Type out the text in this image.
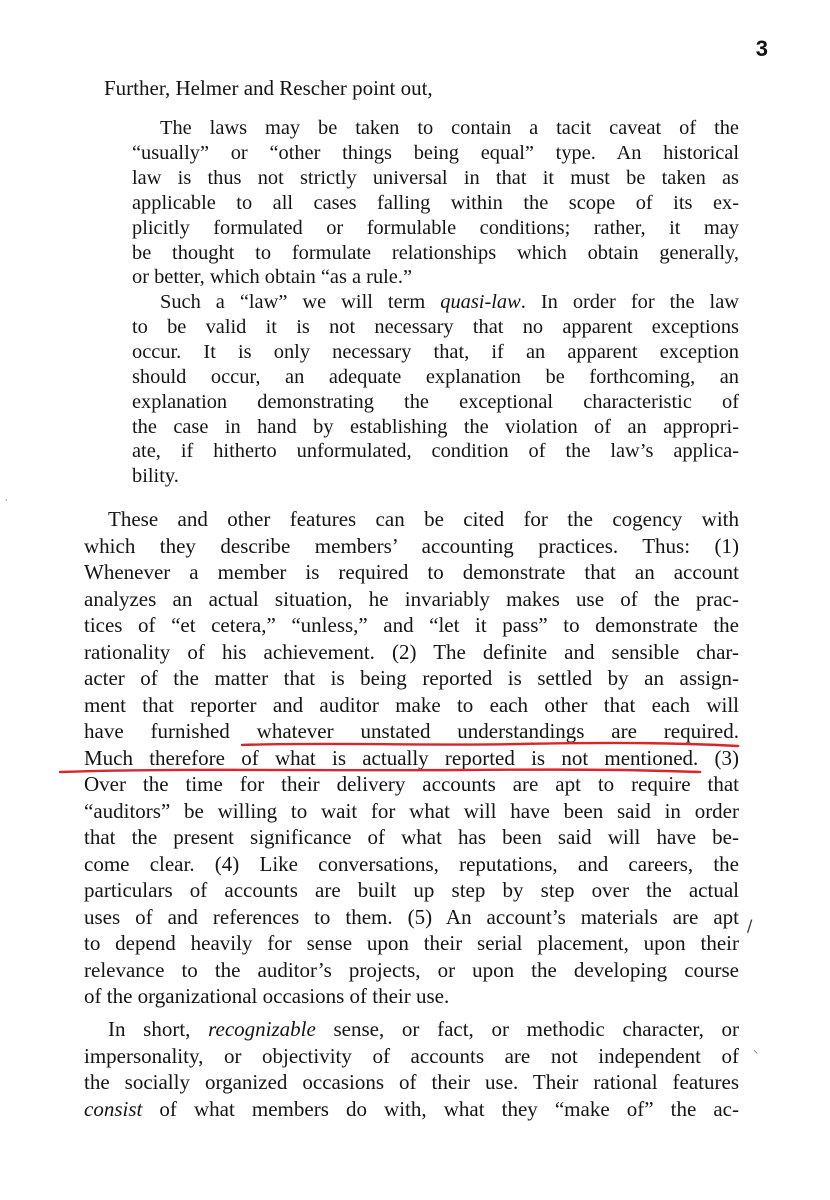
3
Further, Helmer and Rescher point out,
The laws may be taken to contain a tacit caveat of the
“usually” or “other things being equal” type. An historical
law is thus not strictly universal in that it must be taken as
applicable to all cases falling within the scope of its ex-
plicitly formulated or formulable conditions; rather, it may
be thought to formulate relationships which obtain generally,
or better, which obtain “as a rule.”
Such a “law” we will term quasi-law. In order for the law
to be valid it is not necessary that no apparent exceptions
occur. It is only necessary that, if an apparent exception
should occur, an adequate explanation be forthcoming, an
explanation demonstrating the exceptional characteristic of
the case in hand by establishing the violation of an appropri-
ate, if hitherto unformulated, condition of the law’s applica-
bility.
These and other features can be cited for the cogency with
which they describe members’ accounting practices. Thus: (1)
Whenever a member is required to demonstrate that an account
analyzes an actual situation, he invariably makes use of the prac-
tices of “et cetera,” “unless,” and “let it pass” to demonstrate the
rationality of his achievement. (2) The definite and sensible char-
acter of the matter that is being reported is settled by an assign-
ment that reporter and auditor make to each other that each will
have furnished whatever unstated understandings are required.
Much therefore of what is actually reported is not mentioned. (3)
Over the time for their delivery accounts are apt to require that
“auditors” be willing to wait for what will have been said in order
that the present significance of what has been said will have be-
come clear. (4) Like conversations, reputations, and careers, the
particulars of accounts are built up step by step over the actual
uses of and references to them. (5) An account’s materials are apt
to depend heavily for sense upon their serial placement, upon their
relevance to the auditor’s projects, or upon the developing course
of the organizational occasions of their use.
In short, recognizable sense, or fact, or methodic character, or
impersonality, or objectivity of accounts are not independent of
the socially organized occasions of their use. Their rational features
consist of what members do with, what they “make of” the ac-
/
·
⸌
